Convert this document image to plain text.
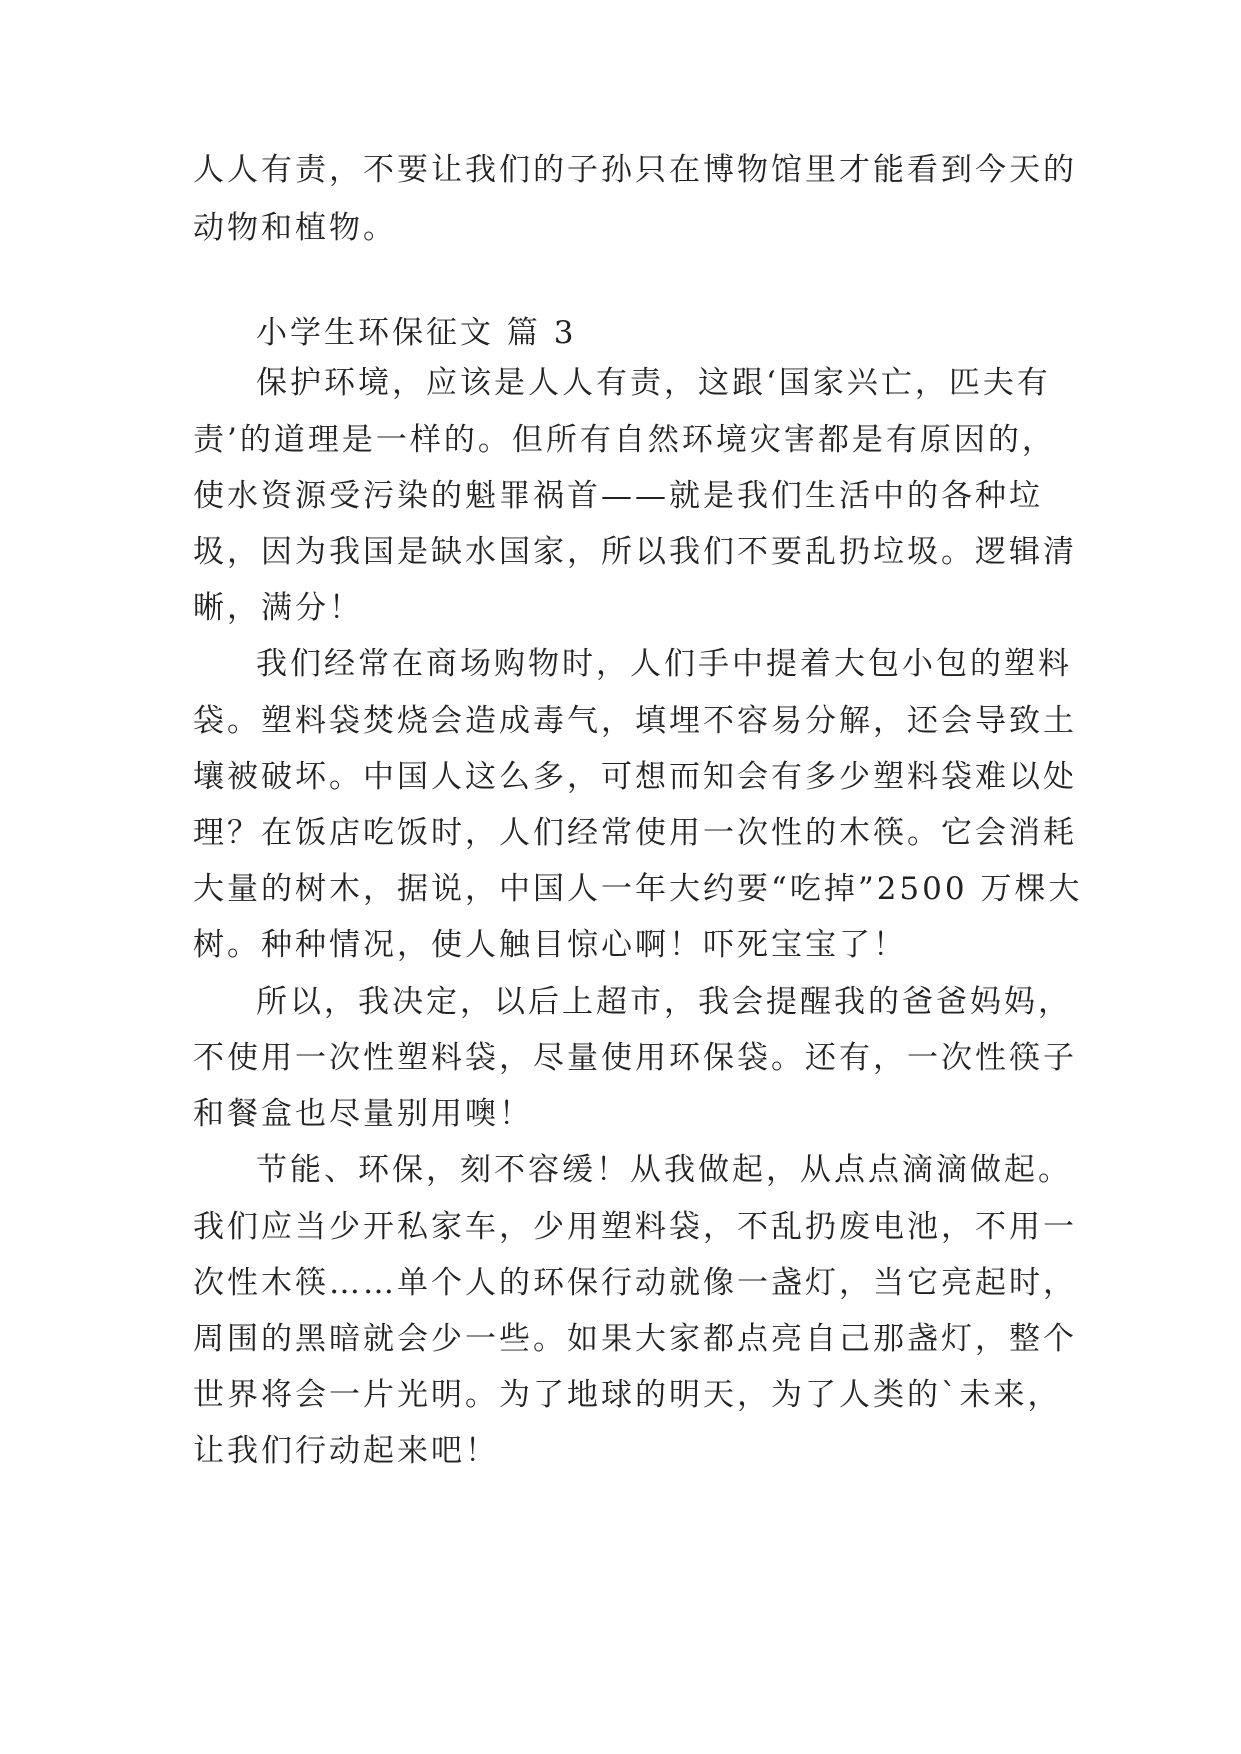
人人有责，不要让我们的子孙只在博物馆里才能看到今天的
动物和植物。
小学生环保征文 篇 3
保护环境，应该是人人有责，这跟‘国家兴亡，匹夫有
责’的道理是一样的。但所有自然环境灾害都是有原因的，
使水资源受污染的魁罪祸首——就是我们生活中的各种垃
圾，因为我国是缺水国家，所以我们不要乱扔垃圾。逻辑清
晰，满分！
我们经常在商场购物时，人们手中提着大包小包的塑料
袋。塑料袋焚烧会造成毒气，填埋不容易分解，还会导致土
壤被破坏。中国人这么多，可想而知会有多少塑料袋难以处
理？在饭店吃饭时，人们经常使用一次性的木筷。它会消耗
大量的树木，据说，中国人一年大约要“吃掉”2500 万棵大
树。种种情况，使人触目惊心啊！吓死宝宝了！
所以，我决定，以后上超市，我会提醒我的爸爸妈妈，
不使用一次性塑料袋，尽量使用环保袋。还有，一次性筷子
和餐盒也尽量别用噢！
节能、环保，刻不容缓！从我做起，从点点滴滴做起。
我们应当少开私家车，少用塑料袋，不乱扔废电池，不用一
次性木筷……单个人的环保行动就像一盏灯，当它亮起时，
周围的黑暗就会少一些。如果大家都点亮自己那盏灯，整个
世界将会一片光明。为了地球的明天，为了人类的`未来，
让我们行动起来吧！
